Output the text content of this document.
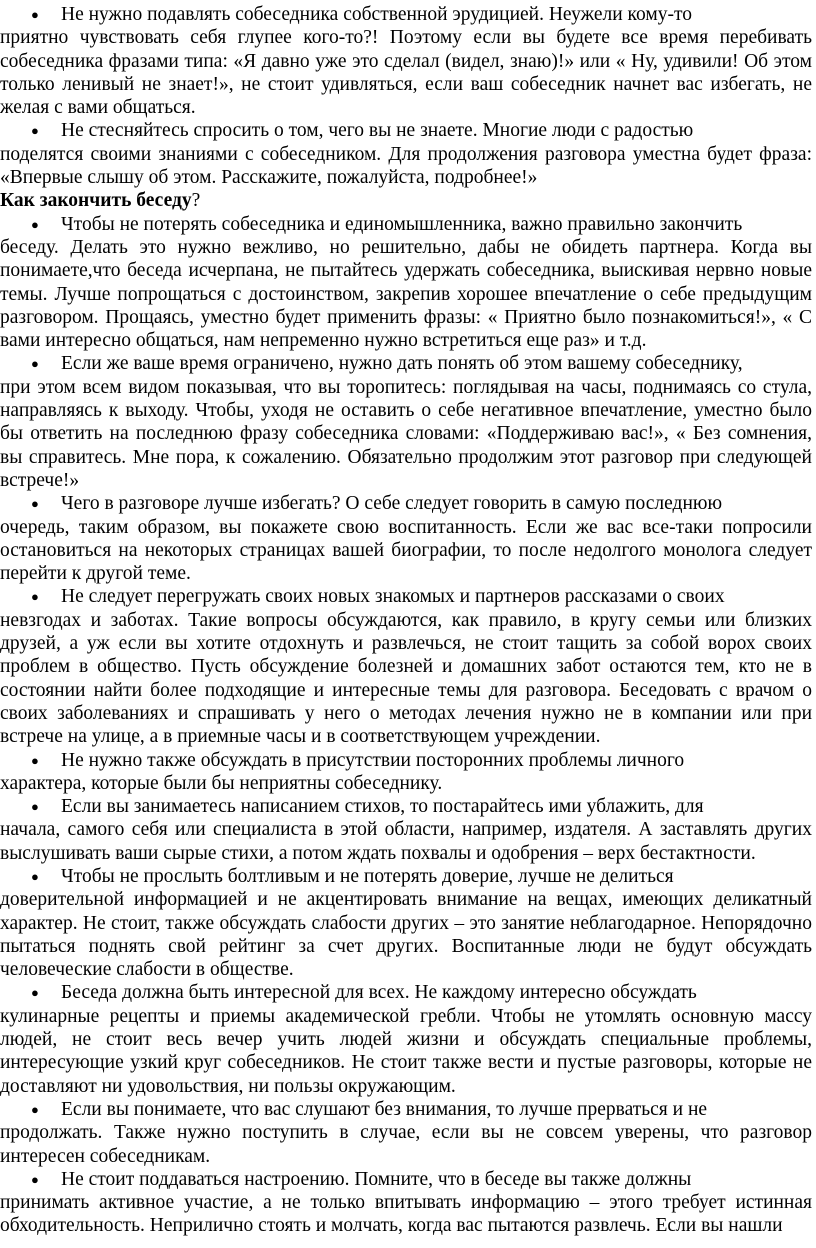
●	Не нужно подавлять собеседника собственной эрудицией. Неужели кому-то
приятно чувствовать себя глупее кого-то?! Поэтому если вы будете все время перебивать собеседника фразами типа: «Я давно уже это сделал (видел, знаю)!» или « Ну, удивили! Об этом только ленивый не знает!», не стоит удивляться, если ваш собеседник начнет вас избегать, не желая с вами общаться.
●	Не стесняйтесь спросить о том, чего вы не знаете. Многие люди с радостью
поделятся своими знаниями с собеседником. Для продолжения разговора уместна будет фраза: «Впервые слышу об этом. Расскажите, пожалуйста, подробнее!»

Как закончить беседу?

●	Чтобы не потерять собеседника и единомышленника, важно правильно закончить
беседу. Делать это нужно вежливо, но решительно, дабы не обидеть партнера. Когда вы понимаете,что беседа исчерпана, не пытайтесь удержать собеседника, выискивая нервно новые темы. Лучше попрощаться с достоинством, закрепив хорошее впечатление о себе предыдущим разговором. Прощаясь, уместно будет применить фразы: « Приятно было познакомиться!», « С вами интересно общаться, нам непременно нужно встретиться еще раз» и т.д.
●	Если же ваше время ограничено, нужно дать понять об этом вашему собеседнику,
при этом всем видом показывая, что вы торопитесь: поглядывая на часы, поднимаясь со стула, направляясь к выходу. Чтобы, уходя не оставить о себе негативное впечатление, уместно было бы ответить на последнюю фразу собеседника словами: «Поддерживаю вас!», « Без сомнения, вы справитесь. Мне пора, к сожалению. Обязательно продолжим этот разговор при следующей встрече!»
●	Чего в разговоре лучше избегать? О себе следует говорить в самую последнюю
очередь, таким образом, вы покажете свою воспитанность. Если же вас все-таки попросили остановиться на некоторых страницах вашей биографии, то после недолгого монолога следует перейти к другой теме.
●	Не следует перегружать своих новых знакомых и партнеров рассказами о своих
невзгодах и заботах. Такие вопросы обсуждаются, как правило, в кругу семьи или близких друзей, а уж если вы хотите отдохнуть и развлечься, не стоит тащить за собой ворох своих проблем в общество. Пусть обсуждение болезней и домашних забот остаются тем, кто не в состоянии найти более подходящие и интересные темы для разговора. Беседовать с врачом о своих заболеваниях и спрашивать у него о методах лечения нужно не в компании или при встрече на улице, а в приемные часы и в соответствующем учреждении.
●	Не нужно также обсуждать в присутствии посторонних проблемы личного
характера, которые были бы неприятны собеседнику.
●	Если вы занимаетесь написанием стихов, то постарайтесь ими ублажить, для
начала, самого себя или специалиста в этой области, например, издателя. А заставлять других выслушивать ваши сырые стихи, а потом ждать похвалы и одобрения – верх бестактности.
●	Чтобы не прослыть болтливым и не потерять доверие, лучше не делиться
доверительной информацией и не акцентировать внимание на вещах, имеющих деликатный характер. Не стоит, также обсуждать слабости других – это занятие неблагодарное. Непорядочно пытаться поднять свой рейтинг за счет других. Воспитанные люди не будут обсуждать человеческие слабости в обществе.
●	Беседа должна быть интересной для всех. Не каждому интересно обсуждать
кулинарные рецепты и приемы академической гребли. Чтобы не утомлять основную массу людей, не стоит весь вечер учить людей жизни и обсуждать специальные проблемы, интересующие узкий круг собеседников. Не стоит также вести и пустые разговоры, которые не доставляют ни удовольствия, ни пользы окружающим.
●	Если вы понимаете, что вас слушают без внимания, то лучше прерваться и не
продолжать. Также нужно поступить в случае, если вы не совсем уверены, что разговор интересен собеседникам.
●	Не стоит поддаваться настроению. Помните, что в беседе вы также должны
принимать активное участие, а не только впитывать информацию – этого требует истинная обходительность. Неприлично стоять и молчать, когда вас пытаются развлечь. Если вы нашли
